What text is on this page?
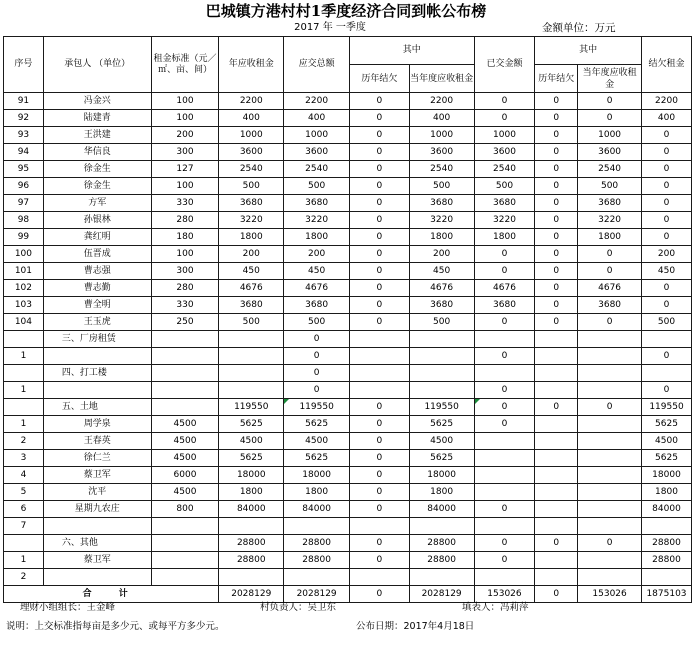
巴城镇方港村村1季度经济合同到帐公布榜
2017 年 一季度	金额单位：万元
序号	承包人 （单位）	租金标准（元／㎡、亩、间）	年应收租金	应交总额	其中		已交金额	其中		结欠租金
					历年结欠	当年度应收租金		历年结欠	当年度应收租金	
91	冯金兴	100	2200	2200	0	2200	0	0	0	2200
92	陆建青	100	400	400	0	400	0	0	0	400
93	王洪建	200	1000	1000	0	1000	1000	0	1000	0
94	华信良	300	3600	3600	0	3600	3600	0	3600	0
95	徐金生	127	2540	2540	0	2540	2540	0	2540	0
96	徐金生	100	500	500	0	500	500	0	500	0
97	方军	330	3680	3680	0	3680	3680	0	3680	0
98	孙银林	280	3220	3220	0	3220	3220	0	3220	0
99	龚红明	180	1800	1800	0	1800	1800	0	1800	0
100	伍晋成	100	200	200	0	200	0	0	0	200
101	曹志强	300	450	450	0	450	0	0	0	450
102	曹志勤	280	4676	4676	0	4676	4676	0	4676	0
103	曹全明	330	3680	3680	0	3680	3680	0	3680	0
104	王玉虎	250	500	500	0	500	0	0	0	500
	三、厂房租赁			0						
1				0			0			0
	四、打工楼			0						
1				0			0			0
	五、土地		119550	119550	0	119550	0	0	0	119550
1	周学泉	4500	5625	5625	0	5625	0			5625
2	王春英	4500	4500	4500	0	4500				4500
3	徐仁兰	4500	5625	5625	0	5625				5625
4	蔡卫军	6000	18000	18000	0	18000				18000
5	沈平	4500	1800	1800	0	1800				1800
6	星期九农庄	800	84000	84000	0	84000	0			84000
7										
	六、其他		28800	28800	0	28800	0	0	0	28800
1	蔡卫军		28800	28800	0	28800	0			28800
2										
合 计			2028129	2028129	0	2028129	153026	0	153026	1875103
理财小组组长：王金峰	村负责人：吴卫东	填表人：冯莉萍
说明：上交标准指每亩是多少元、或每平方多少元。	公布日期：2017年4月18日
